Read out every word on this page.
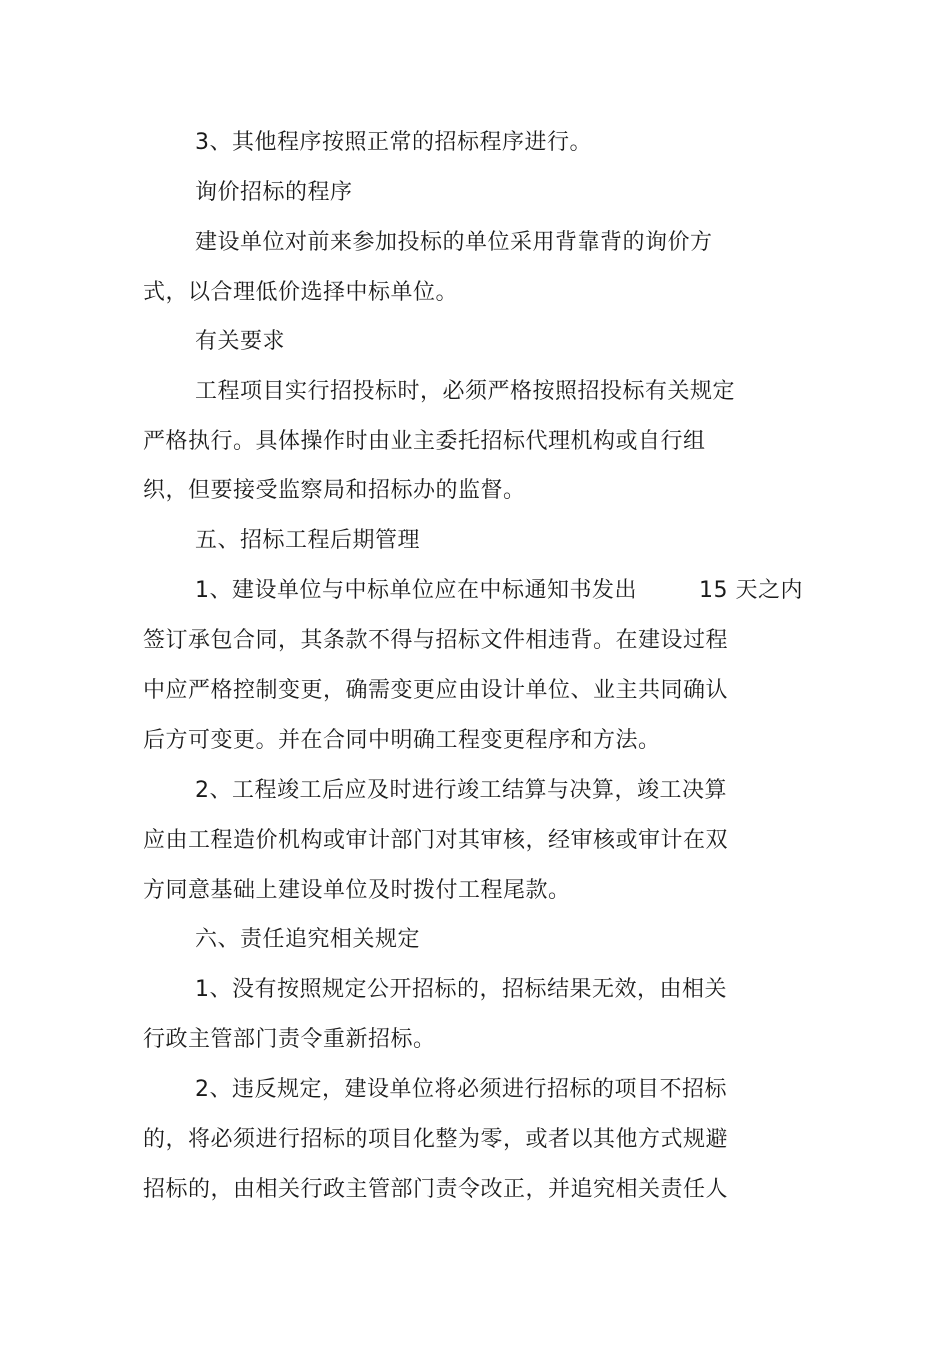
3、其他程序按照正常的招标程序进行。
询价招标的程序
建设单位对前来参加投标的单位采用背靠背的询价方
式，以合理低价选择中标单位。
有关要求
工程项目实行招投标时，必须严格按照招投标有关规定
严格执行。具体操作时由业主委托招标代理机构或自行组
织，但要接受监察局和招标办的监督。
五、招标工程后期管理
1、建设单位与中标单位应在中标通知书发出	15 天之内
签订承包合同，其条款不得与招标文件相违背。在建设过程
中应严格控制变更，确需变更应由设计单位、业主共同确认
后方可变更。并在合同中明确工程变更程序和方法。
2、工程竣工后应及时进行竣工结算与决算，竣工决算
应由工程造价机构或审计部门对其审核，经审核或审计在双
方同意基础上建设单位及时拨付工程尾款。
六、责任追究相关规定
1、没有按照规定公开招标的，招标结果无效，由相关
行政主管部门责令重新招标。
2、违反规定，建设单位将必须进行招标的项目不招标
的，将必须进行招标的项目化整为零，或者以其他方式规避
招标的，由相关行政主管部门责令改正，并追究相关责任人
